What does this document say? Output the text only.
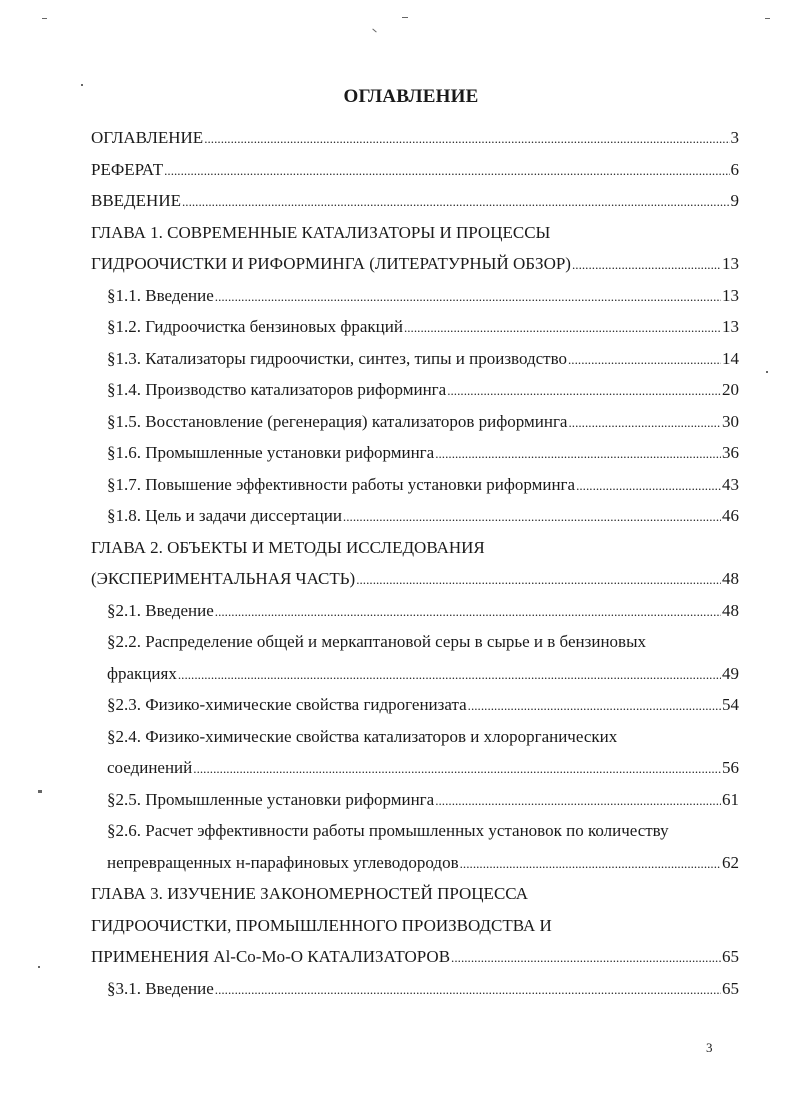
ОГЛАВЛЕНИЕ
ОГЛАВЛЕНИЕ . . .	3
РЕФЕРАТ . . .	6
ВВЕДЕНИЕ . . .	9
ГЛАВА 1. СОВРЕМЕННЫЕ КАТАЛИЗАТОРЫ И ПРОЦЕССЫ
ГИДРООЧИСТКИ И РИФОРМИНГА (ЛИТЕРАТУРНЫЙ ОБЗОР) . . .	13
§1.1. Введение . . .	13
§1.2. Гидроочистка бензиновых фракций . . .	13
§1.3. Катализаторы гидроочистки, синтез, типы и производство . . .	14
§1.4. Производство катализаторов риформинга . . .	20
§1.5. Восстановление (регенерация) катализаторов риформинга . . .	30
§1.6. Промышленные установки риформинга . . .	36
§1.7. Повышение эффективности работы установки риформинга . . .	43
§1.8. Цель и задачи диссертации . . .	46
ГЛАВА 2. ОБЪЕКТЫ И МЕТОДЫ ИССЛЕДОВАНИЯ
(ЭКСПЕРИМЕНТАЛЬНАЯ ЧАСТЬ) . . .	48
§2.1. Введение . . .	48
§2.2. Распределение общей и меркаптановой серы в сырье и в бензиновых
фракциях . . .	49
§2.3. Физико-химические свойства гидрогенизата . . .	54
§2.4. Физико-химические свойства катализаторов и хлорорганических
соединений . . .	56
§2.5. Промышленные установки риформинга . . .	61
§2.6. Расчет эффективности работы промышленных установок по количеству
непревращенных н-парафиновых углеводородов . . .	62
ГЛАВА 3. ИЗУЧЕНИЕ ЗАКОНОМЕРНОСТЕЙ ПРОЦЕССА
ГИДРООЧИСТКИ, ПРОМЫШЛЕННОГО ПРОИЗВОДСТВА И
ПРИМЕНЕНИЯ Al-Co-Mo-O КАТАЛИЗАТОРОВ . . .	65
§3.1. Введение . . .	65
3
